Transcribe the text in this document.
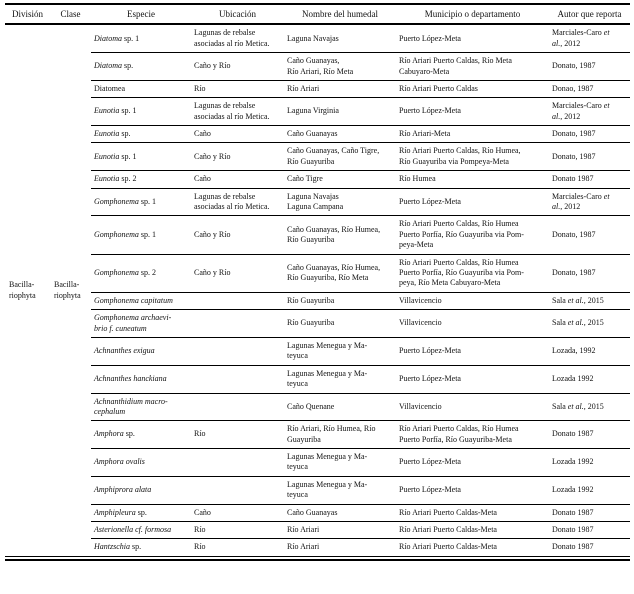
División	Clase	Especie	Ubicación	Nombre del humedal	Municipio o departamento	Autor que reporta
Bacilla-riophyta	Bacilla-riophyta	Diatoma sp. 1	Lagunas de rebalse asociadas al río Metica.	Laguna Navajas	Puerto López-Meta	Marciales-Caro et
al., 2012
		Diatoma sp.	Caño y Río	Caño Guanayas,
Río Ariari, Río Meta	Río Ariari Puerto Caldas, Río Meta
Cabuyaro-Meta	Donato, 1987
		Diatomea	Río	Río Ariari	Río Ariari Puerto Caldas	Donao, 1987
		Eunotia sp. 1	Lagunas de rebalse asociadas al río Metica.	Laguna Virginia	Puerto López-Meta	Marciales-Caro et
al., 2012
		Eunotia sp.	Caño	Caño Guanayas	Río Ariari-Meta	Donato, 1987
		Eunotia sp. 1	Caño y Río	Caño Guanayas, Caño Tigre,
Río Guayuriba	Río Ariari Puerto Caldas, Río Humea,
Río Guayuriba via Pompeya-Meta	Donato, 1987
		Eunotia sp. 2	Caño	Caño Tigre	Río Humea	Donato 1987
		Gomphonema sp. 1	Lagunas de rebalse asociadas al río Metica.	Laguna Navajas
Laguna Campana	Puerto López-Meta	Marciales-Caro et
al., 2012
		Gomphonema sp. 1	Caño y Río	Caño Guanayas, Río Humea,
Río Guayuriba	Río Ariari Puerto Caldas, Río Humea
Puerto Porfía, Río Guayuriba via Pom-
peya-Meta	Donato, 1987
		Gomphonema sp. 2	Caño y Río	Caño Guanayas, Río Humea,
Río Guayuriba, Río Meta	Río Ariari Puerto Caldas, Río Humea
Puerto Porfía, Río Guayuriba via Pom-
peya, Río Meta Cabuyaro-Meta	Donato, 1987
		Gomphonema capitatum		Río Guayuriba	Villavicencio	Sala et al., 2015
		Gomphonema archaevi-
brio f. cuneatum		Río Guayuriba	Villavicencio	Sala et al., 2015
		Achnanthes exigua		Lagunas Menegua y Ma-
teyuca	Puerto López-Meta	Lozada, 1992
		Achnanthes hanckiana		Lagunas Menegua y Ma-
teyuca	Puerto López-Meta	Lozada 1992
		Achnanthidium macro-
cephalum		Caño Quenane	Villavicencio	Sala et al., 2015
		Amphora sp.	Río	Río Ariari, Río Humea, Río
Guayuriba	Río Ariari Puerto Caldas, Río Humea
Puerto Porfía, Río Guayuriba-Meta	Donato 1987
		Amphora ovalis		Lagunas Menegua y Ma-
teyuca	Puerto López-Meta	Lozada 1992
		Amphiprora alata		Lagunas Menegua y Ma-
teyuca	Puerto López-Meta	Lozada 1992
		Amphipleura sp.	Caño	Caño Guanayas	Río Ariari Puerto Caldas-Meta	Donato 1987
		Asterionella cf. formosa	Río	Río Ariari	Río Ariari Puerto Caldas-Meta	Donato 1987
		Hantzschia sp.	Río	Río Ariari	Río Ariari Puerto Caldas-Meta	Donato 1987
